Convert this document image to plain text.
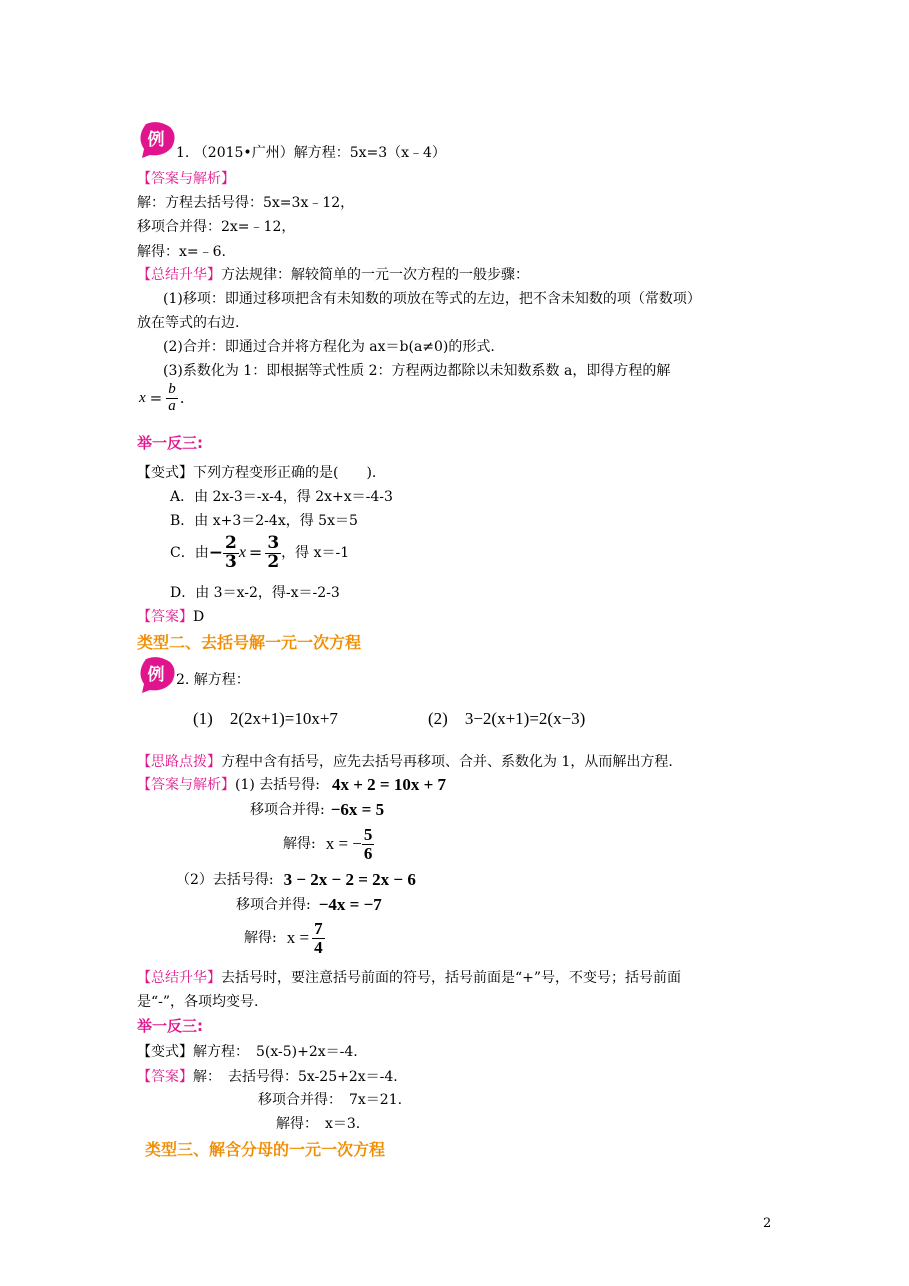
例
1. （2015•广州）解方程：5x=3（x﹣4）
【答案与解析】
解：方程去括号得：5x=3x﹣12，
移项合并得：2x=﹣12，
解得：x=﹣6.
【总结升华】方法规律：解较简单的一元一次方程的一般步骤：
(1)移项：即通过移项把含有未知数的项放在等式的左边，把不含未知数的项（常数项）
放在等式的右边.
(2)合并：即通过合并将方程化为 ax＝b(a≠0)的形式.
(3)系数化为 1：即根据等式性质 2：方程两边都除以未知数系数 a，即得方程的解
$x = \frac{b}{a}$ .
举一反三:
【变式】下列方程变形正确的是(　　).
A．由 2x-3＝-x-4，得 2x+x＝-4-3
B．由 x+3＝2-4x，得 5x＝5
C．由 − $\frac{2}{3}$ $x = \frac{3}{2}$ ，得 x＝-1
D．由 3＝x-2，得-x＝-2-3
【答案】D
类型二、去括号解一元一次方程
例 2. 解方程：
(1)　2(2x+1)=10x+7	(2)　3−2(x+1)=2(x−3)
【思路点拨】方程中含有括号，应先去括号再移项、合并、系数化为 1，从而解出方程.
【答案与解析】 (1) 去括号得: 4x + 2 = 10x + 7
移项合并得: −6x = 5
解得: x = − $\frac{5}{6}$
（2）去括号得: 3 − 2x − 2 = 2x − 6
移项合并得: −4x = −7
解得: $x = \frac{7}{4}$
【总结升华】去括号时，要注意括号前面的符号，括号前面是“+”号，不变号；括号前面
是“-”，各项均变号.
举一反三:
【变式】解方程：　5(x-5)+2x＝-4.
【答案】解：　去括号得：5x-25+2x＝-4.
移项合并得：　7x＝21.
解得：　x＝3.
类型三、解含分母的一元一次方程
2
